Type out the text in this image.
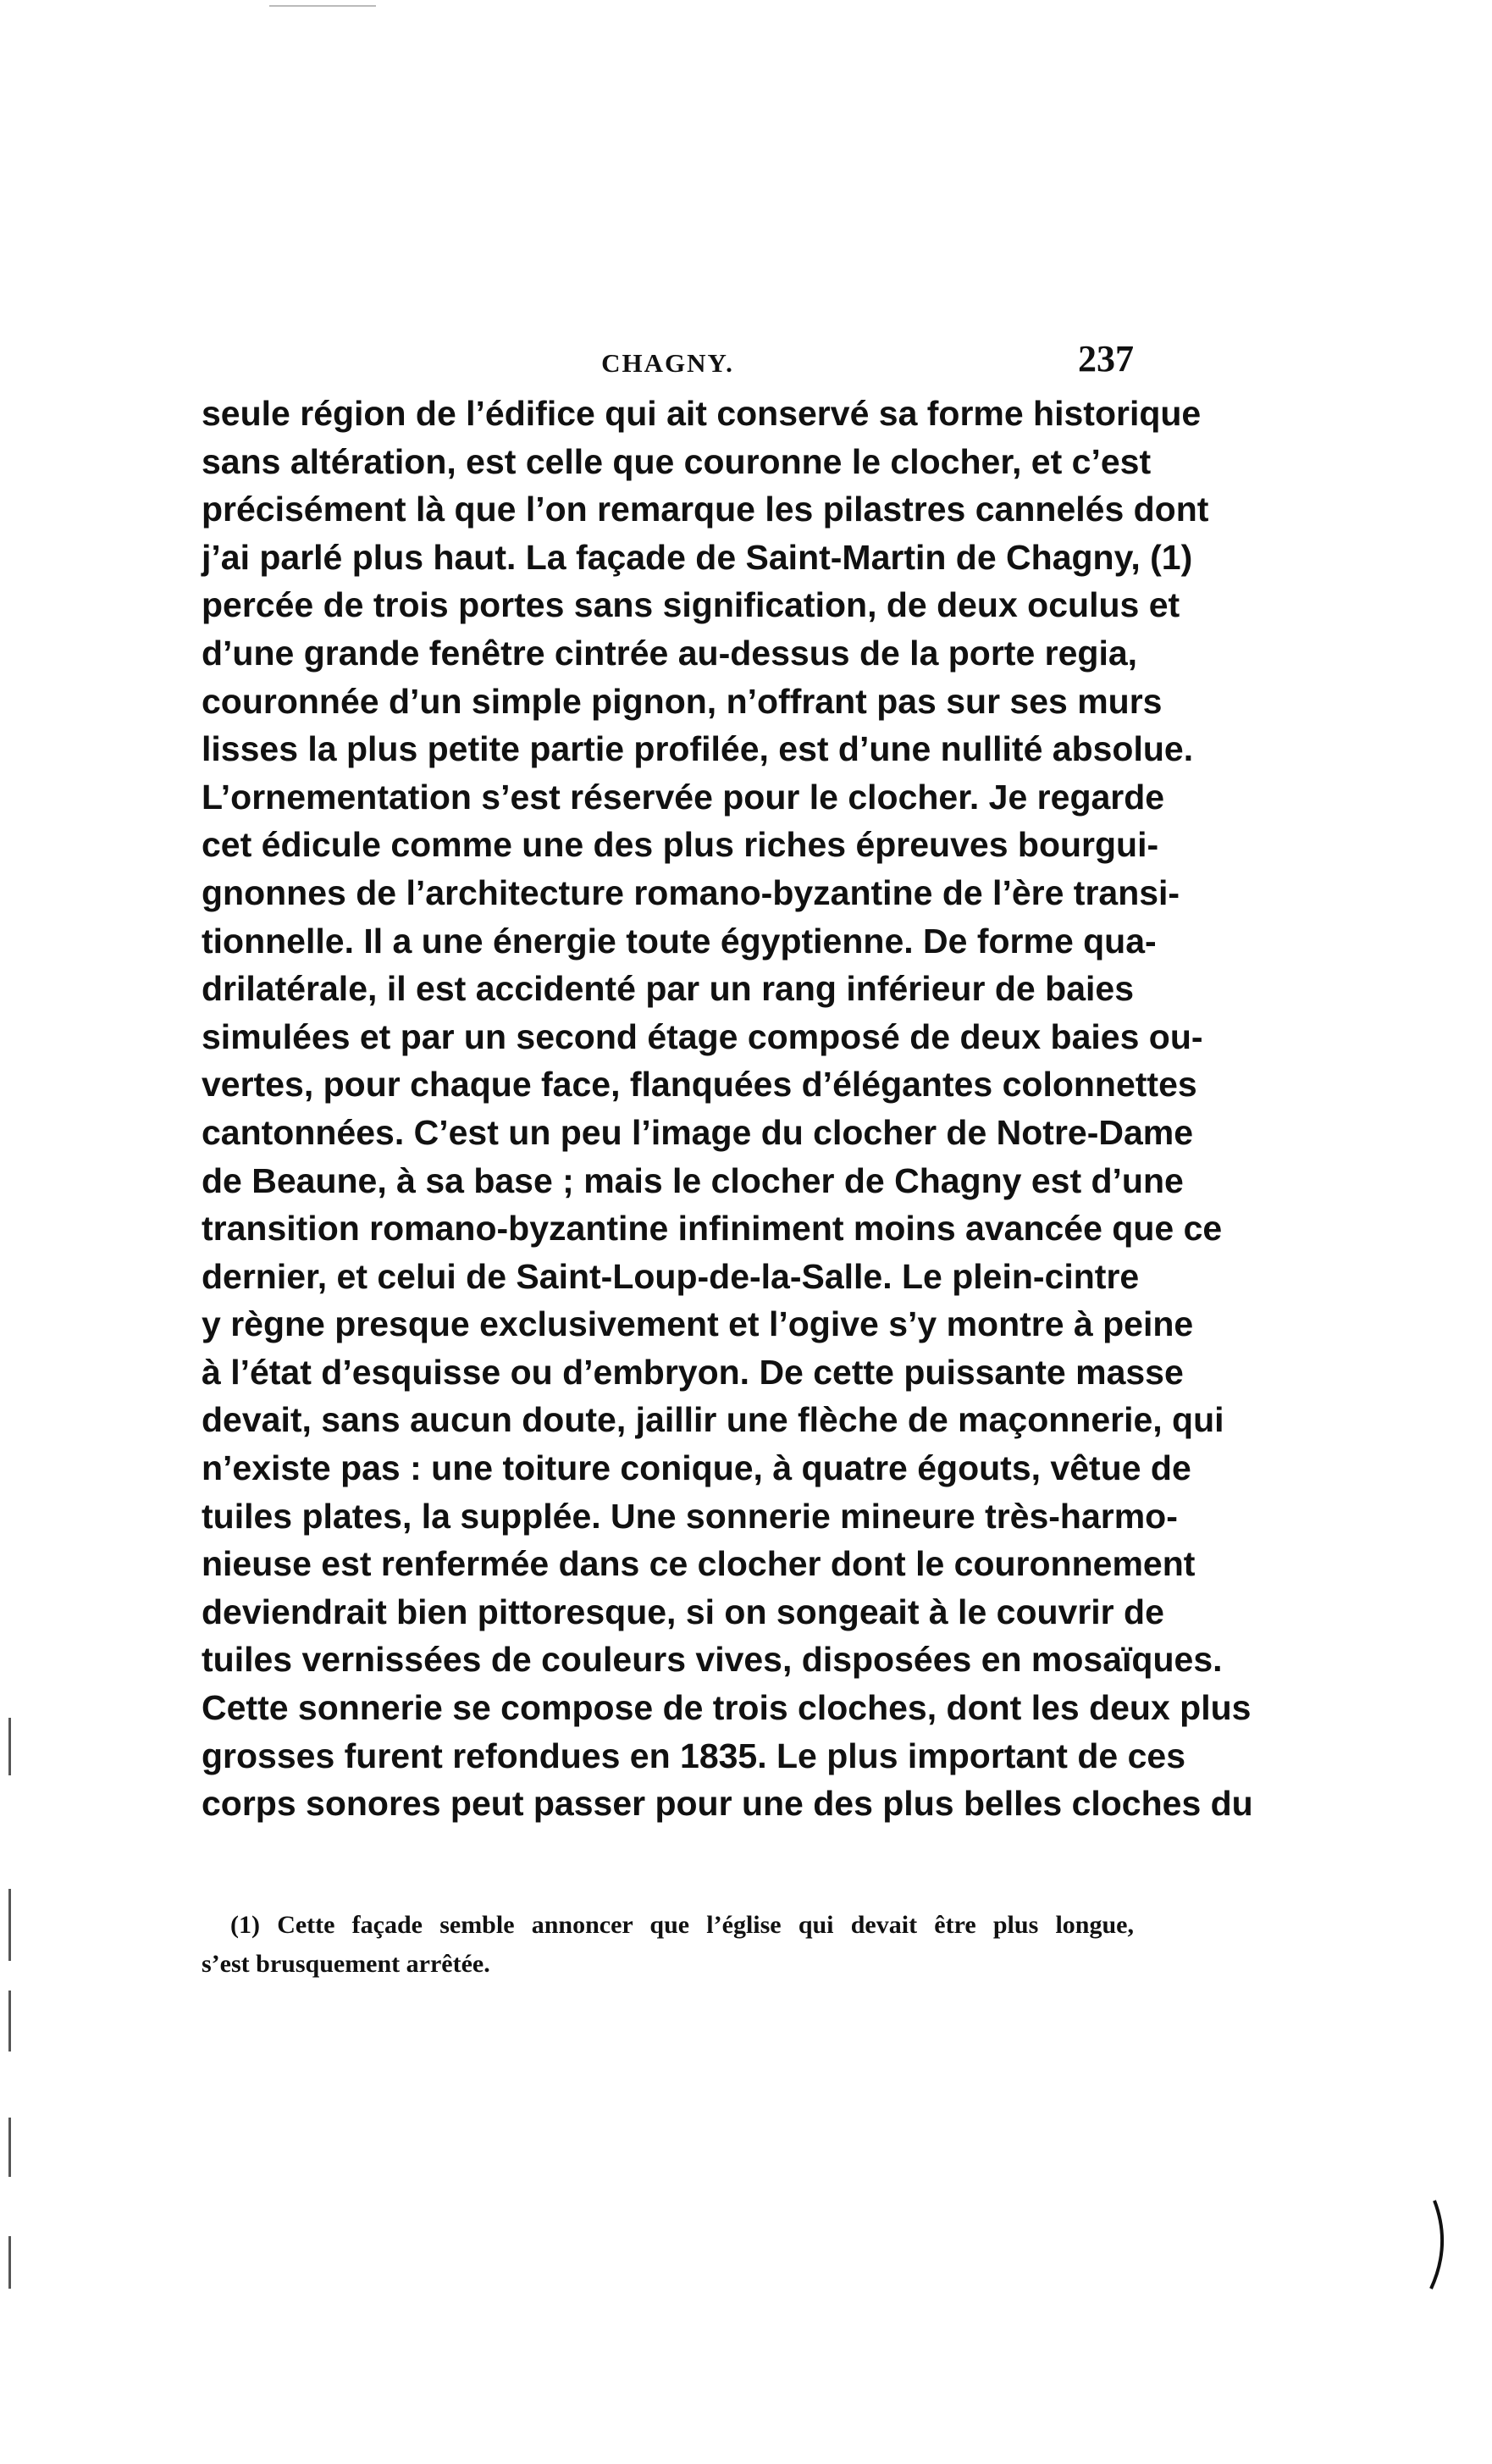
CHAGNY.	237
seule région de l’édifice qui ait conservé sa forme historique
sans altération, est celle que couronne le clocher, et c’est
précisément là que l’on remarque les pilastres cannelés dont
j’ai parlé plus haut. La façade de Saint-Martin de Chagny, (1)
percée de trois portes sans signification, de deux oculus et
d’une grande fenêtre cintrée au-dessus de la porte regia,
couronnée d’un simple pignon, n’offrant pas sur ses murs
lisses la plus petite partie profilée, est d’une nullité absolue.
L’ornementation s’est réservée pour le clocher. Je regarde
cet édicule comme une des plus riches épreuves bourgui-
gnonnes de l’architecture romano-byzantine de l’ère transi-
tionnelle. Il a une énergie toute égyptienne. De forme qua-
drilatérale, il est accidenté par un rang inférieur de baies
simulées et par un second étage composé de deux baies ou-
vertes, pour chaque face, flanquées d’élégantes colonnettes
cantonnées. C’est un peu l’image du clocher de Notre-Dame
de Beaune, à sa base ; mais le clocher de Chagny est d’une
transition romano-byzantine infiniment moins avancée que ce
dernier, et celui de Saint-Loup-de-la-Salle. Le plein-cintre
y règne presque exclusivement et l’ogive s’y montre à peine
à l’état d’esquisse ou d’embryon. De cette puissante masse
devait, sans aucun doute, jaillir une flèche de maçonnerie, qui
n’existe pas : une toiture conique, à quatre égouts, vêtue de
tuiles plates, la supplée. Une sonnerie mineure très-harmo-
nieuse est renfermée dans ce clocher dont le couronnement
deviendrait bien pittoresque, si on songeait à le couvrir de
tuiles vernissées de couleurs vives, disposées en mosaïques.
Cette sonnerie se compose de trois cloches, dont les deux plus
grosses furent refondues en 1835. Le plus important de ces
corps sonores peut passer pour une des plus belles cloches du
(1) Cette façade semble annoncer que l’église qui devait être plus longue,
s’est brusquement arrêtée.
